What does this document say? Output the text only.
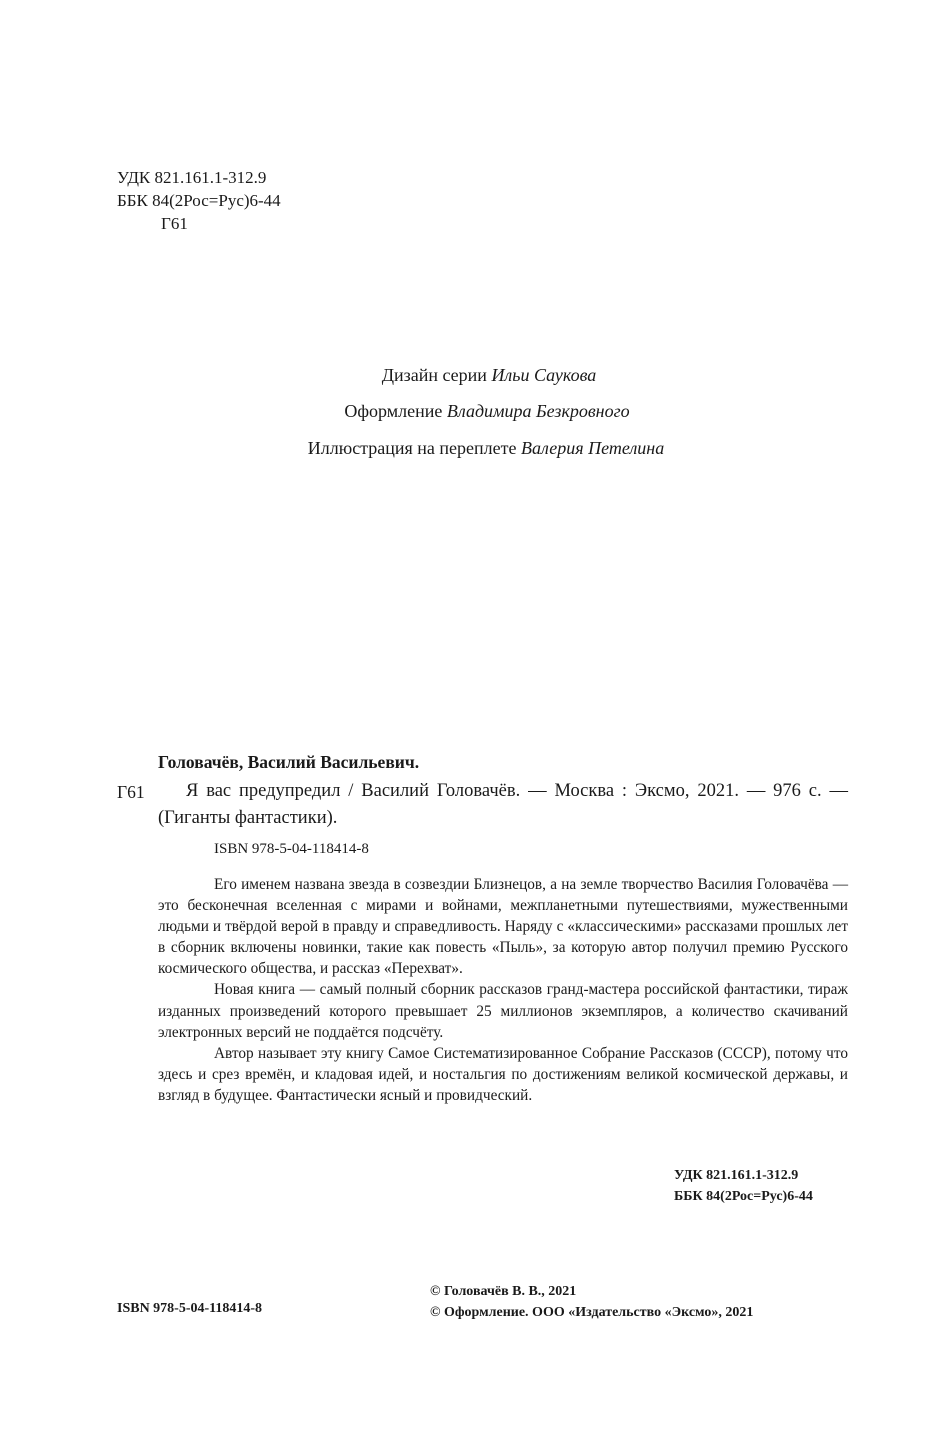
УДК 821.161.1-312.9
ББК 84(2Рос=Рус)6-44
Г61
Дизайн серии Ильи Саукова
Оформление Владимира Безкровного
Иллюстрация на переплете Валерия Петелина
Головачёв, Василий Васильевич.
Г61	Я вас предупредил / Василий Головачёв. — Москва : Эксмо, 2021. — 976 с. — (Гиганты фантастики).
ISBN 978-5-04-118414-8

Его именем названа звезда в созвездии Близнецов, а на земле творчество Василия Головачёва — это бесконечная вселенная с мирами и войнами, межпланетными путешествиями, мужественными людьми и твёрдой верой в правду и справедливость. Наряду с «классическими» рассказами прошлых лет в сборник включены новинки, такие как повесть «Пыль», за которую автор получил премию Русского космического общества, и рассказ «Перехват».

Новая книга — самый полный сборник рассказов гранд-мастера российской фантастики, тираж изданных произведений которого превышает 25 миллионов экземпляров, а количество скачиваний электронных версий не поддаётся подсчёту.

Автор называет эту книгу Самое Систематизированное Собрание Рассказов (СССР), потому что здесь и срез времён, и кладовая идей, и ностальгия по достижениям великой космической державы, и взгляд в будущее. Фантастически ясный и провидческий.

УДК 821.161.1-312.9
ББК 84(2Рос=Рус)6-44
ISBN 978-5-04-118414-8
© Головачёв В. В., 2021
© Оформление. ООО «Издательство «Эксмо», 2021
